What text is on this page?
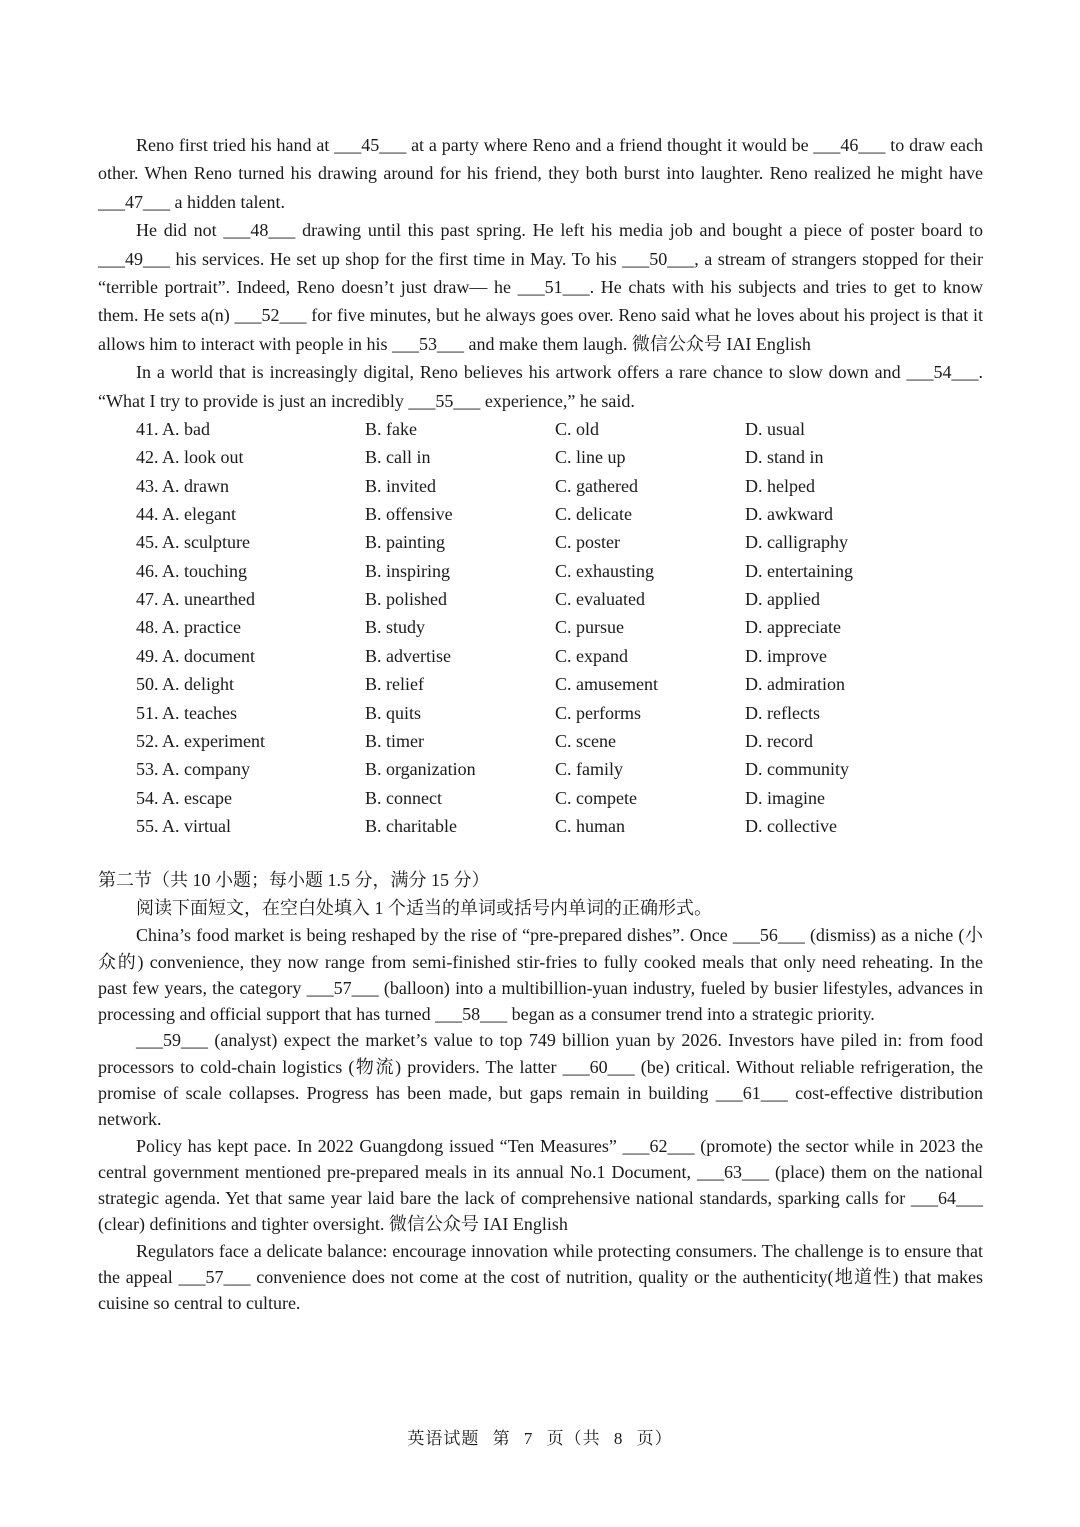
Reno first tried his hand at ___45___ at a party where Reno and a friend thought it would be ___46___ to draw each other. When Reno turned his drawing around for his friend, they both burst into laughter. Reno realized he might have ___47___ a hidden talent.

He did not ___48___ drawing until this past spring. He left his media job and bought a piece of poster board to ___49___ his services. He set up shop for the first time in May. To his ___50___, a stream of strangers stopped for their “terrible portrait”. Indeed, Reno doesn’t just draw— he ___51___. He chats with his subjects and tries to get to know them. He sets a(n) ___52___ for five minutes, but he always goes over. Reno said what he loves about his project is that it allows him to interact with people in his ___53___ and make them laugh. 微信公众号 IAI English

In a world that is increasingly digital, Reno believes his artwork offers a rare chance to slow down and ___54___. “What I try to provide is just an incredibly ___55___ experience,” he said.

41. A. bad	B. fake	C. old	D. usual
42. A. look out	B. call in	C. line up	D. stand in
43. A. drawn	B. invited	C. gathered	D. helped
44. A. elegant	B. offensive	C. delicate	D. awkward
45. A. sculpture	B. painting	C. poster	D. calligraphy
46. A. touching	B. inspiring	C. exhausting	D. entertaining
47. A. unearthed	B. polished	C. evaluated	D. applied
48. A. practice	B. study	C. pursue	D. appreciate
49. A. document	B. advertise	C. expand	D. improve
50. A. delight	B. relief	C. amusement	D. admiration
51. A. teaches	B. quits	C. performs	D. reflects
52. A. experiment	B. timer	C. scene	D. record
53. A. company	B. organization	C. family	D. community
54. A. escape	B. connect	C. compete	D. imagine
55. A. virtual	B. charitable	C. human	D. collective
第二节（共 10 小题；每小题 1.5 分，满分 15 分）
阅读下面短文，在空白处填入 1 个适当的单词或括号内单词的正确形式。

China’s food market is being reshaped by the rise of “pre-prepared dishes”. Once ___56___ (dismiss) as a niche (小众的) convenience, they now range from semi-finished stir-fries to fully cooked meals that only need reheating. In the past few years, the category ___57___ (balloon) into a multibillion-yuan industry, fueled by busier lifestyles, advances in processing and official support that has turned ___58___ began as a consumer trend into a strategic priority.

___59___ (analyst) expect the market’s value to top 749 billion yuan by 2026. Investors have piled in: from food processors to cold-chain logistics (物流) providers. The latter ___60___ (be) critical. Without reliable refrigeration, the promise of scale collapses. Progress has been made, but gaps remain in building ___61___ cost-effective distribution network.

Policy has kept pace. In 2022 Guangdong issued “Ten Measures” ___62___ (promote) the sector while in 2023 the central government mentioned pre-prepared meals in its annual No.1 Document, ___63___ (place) them on the national strategic agenda. Yet that same year laid bare the lack of comprehensive national standards, sparking calls for ___64___ (clear) definitions and tighter oversight. 微信公众号 IAI English

Regulators face a delicate balance: encourage innovation while protecting consumers. The challenge is to ensure that the appeal ___57___ convenience does not come at the cost of nutrition, quality or the authenticity(地道性) that makes cuisine so central to culture.

英语试题 第 7 页（共 8 页）
